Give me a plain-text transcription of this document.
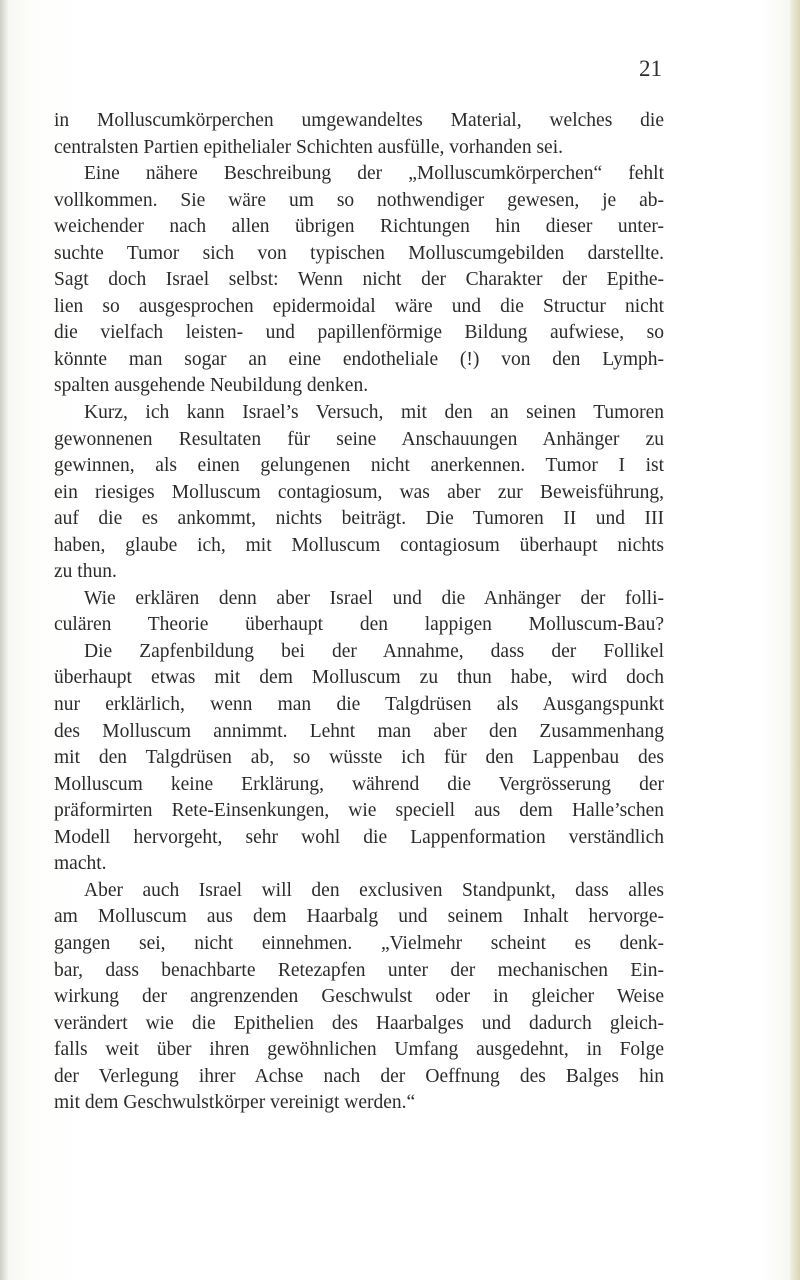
21
in Molluscumkörperchen umgewandeltes Material, welches die
centralsten Partien epithelialer Schichten ausfülle, vorhanden sei.
Eine nähere Beschreibung der „Molluscumkörperchen“ fehlt
vollkommen. Sie wäre um so nothwendiger gewesen, je ab-
weichender nach allen übrigen Richtungen hin dieser unter-
suchte Tumor sich von typischen Molluscumgebilden darstellte.
Sagt doch Israel selbst: Wenn nicht der Charakter der Epithe-
lien so ausgesprochen epidermoidal wäre und die Structur nicht
die vielfach leisten- und papillenförmige Bildung aufwiese, so
könnte man sogar an eine endotheliale (!) von den Lymph-
spalten ausgehende Neubildung denken.
Kurz, ich kann Israel’s Versuch, mit den an seinen Tumoren
gewonnenen Resultaten für seine Anschauungen Anhänger zu
gewinnen, als einen gelungenen nicht anerkennen. Tumor I ist
ein riesiges Molluscum contagiosum, was aber zur Beweisführung,
auf die es ankommt, nichts beiträgt. Die Tumoren II und III
haben, glaube ich, mit Molluscum contagiosum überhaupt nichts
zu thun.
Wie erklären denn aber Israel und die Anhänger der folli-
culären Theorie überhaupt den lappigen Molluscum-Bau?
Die Zapfenbildung bei der Annahme, dass der Follikel
überhaupt etwas mit dem Molluscum zu thun habe, wird doch
nur erklärlich, wenn man die Talgdrüsen als Ausgangspunkt
des Molluscum annimmt. Lehnt man aber den Zusammenhang
mit den Talgdrüsen ab, so wüsste ich für den Lappenbau des
Molluscum keine Erklärung, während die Vergrösserung der
präformirten Rete-Einsenkungen, wie speciell aus dem Halle’schen
Modell hervorgeht, sehr wohl die Lappenformation verständlich
macht.
Aber auch Israel will den exclusiven Standpunkt, dass alles
am Molluscum aus dem Haarbalg und seinem Inhalt hervorge-
gangen sei, nicht einnehmen. „Vielmehr scheint es denk-
bar, dass benachbarte Retezapfen unter der mechanischen Ein-
wirkung der angrenzenden Geschwulst oder in gleicher Weise
verändert wie die Epithelien des Haarbalges und dadurch gleich-
falls weit über ihren gewöhnlichen Umfang ausgedehnt, in Folge
der Verlegung ihrer Achse nach der Oeffnung des Balges hin
mit dem Geschwulstkörper vereinigt werden.“
